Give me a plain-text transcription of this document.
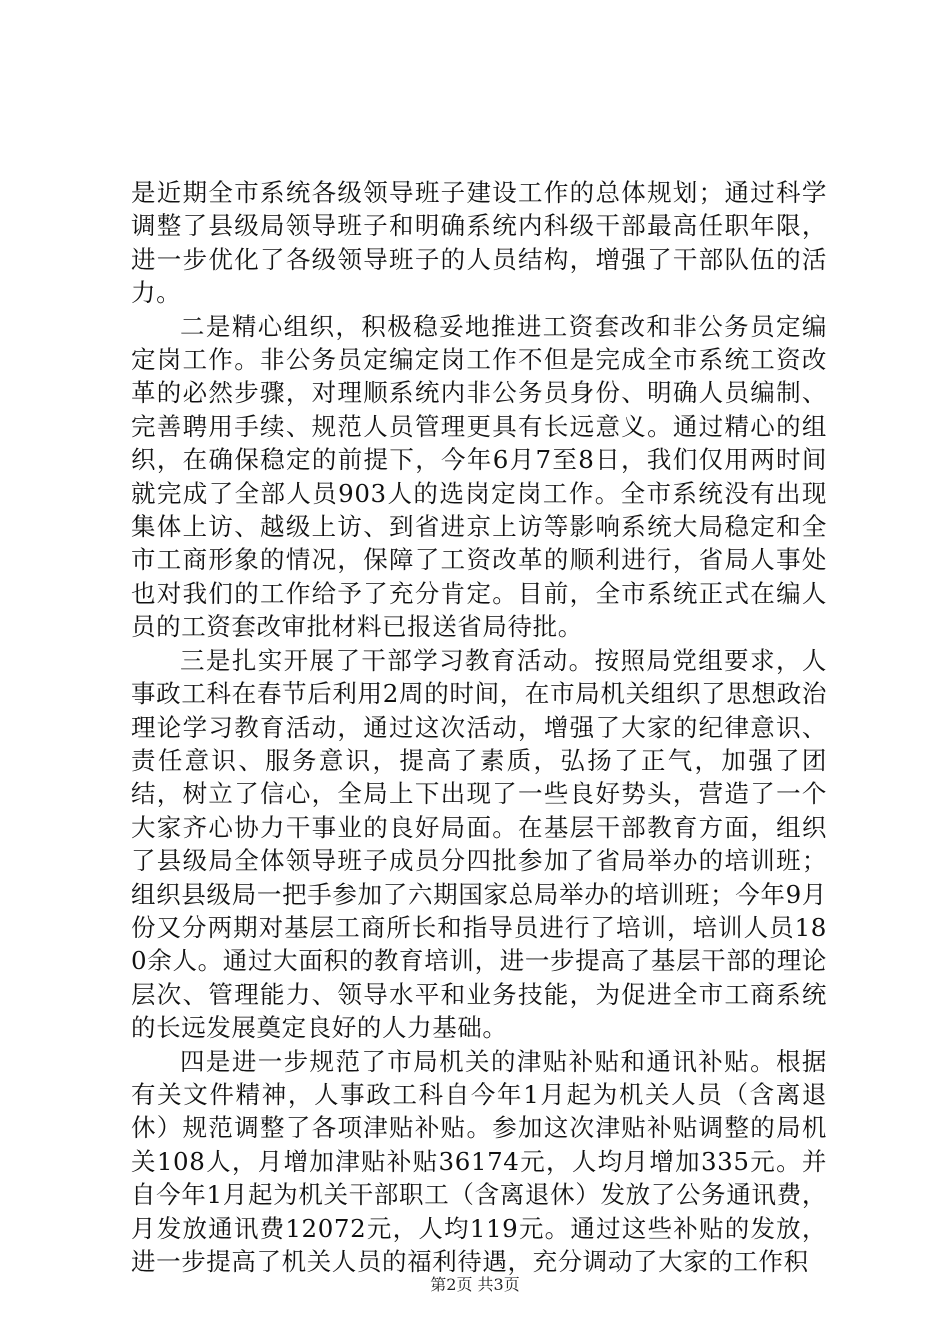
是近期全市系统各级领导班子建设工作的总体规划；通过科学调整了县级局领导班子和明确系统内科级干部最高任职年限，进一步优化了各级领导班子的人员结构，增强了干部队伍的活力。

二是精心组织，积极稳妥地推进工资套改和非公务员定编定岗工作。非公务员定编定岗工作不但是完成全市系统工资改革的必然步骤，对理顺系统内非公务员身份、明确人员编制、完善聘用手续、规范人员管理更具有长远意义。通过精心的组织，在确保稳定的前提下，今年6月7至8日，我们仅用两时间就完成了全部人员903人的选岗定岗工作。全市系统没有出现集体上访、越级上访、到省进京上访等影响系统大局稳定和全市工商形象的情况，保障了工资改革的顺利进行，省局人事处也对我们的工作给予了充分肯定。目前，全市系统正式在编人员的工资套改审批材料已报送省局待批。

三是扎实开展了干部学习教育活动。按照局党组要求，人事政工科在春节后利用2周的时间，在市局机关组织了思想政治理论学习教育活动，通过这次活动，增强了大家的纪律意识、责任意识、服务意识，提高了素质，弘扬了正气，加强了团结，树立了信心，全局上下出现了一些良好势头，营造了一个大家齐心协力干事业的良好局面。在基层干部教育方面，组织了县级局全体领导班子成员分四批参加了省局举办的培训班；组织县级局一把手参加了六期国家总局举办的培训班；今年9月份又分两期对基层工商所长和指导员进行了培训，培训人员180余人。通过大面积的教育培训，进一步提高了基层干部的理论层次、管理能力、领导水平和业务技能，为促进全市工商系统的长远发展奠定良好的人力基础。

四是进一步规范了市局机关的津贴补贴和通讯补贴。根据有关文件精神，人事政工科自今年1月起为机关人员（含离退休）规范调整了各项津贴补贴。参加这次津贴补贴调整的局机关108人，月增加津贴补贴36174元，人均月增加335元。并自今年1月起为机关干部职工（含离退休）发放了公务通讯费，月发放通讯费12072元，人均119元。通过这些补贴的发放，进一步提高了机关人员的福利待遇，充分调动了大家的工作积

第2页 共3页
